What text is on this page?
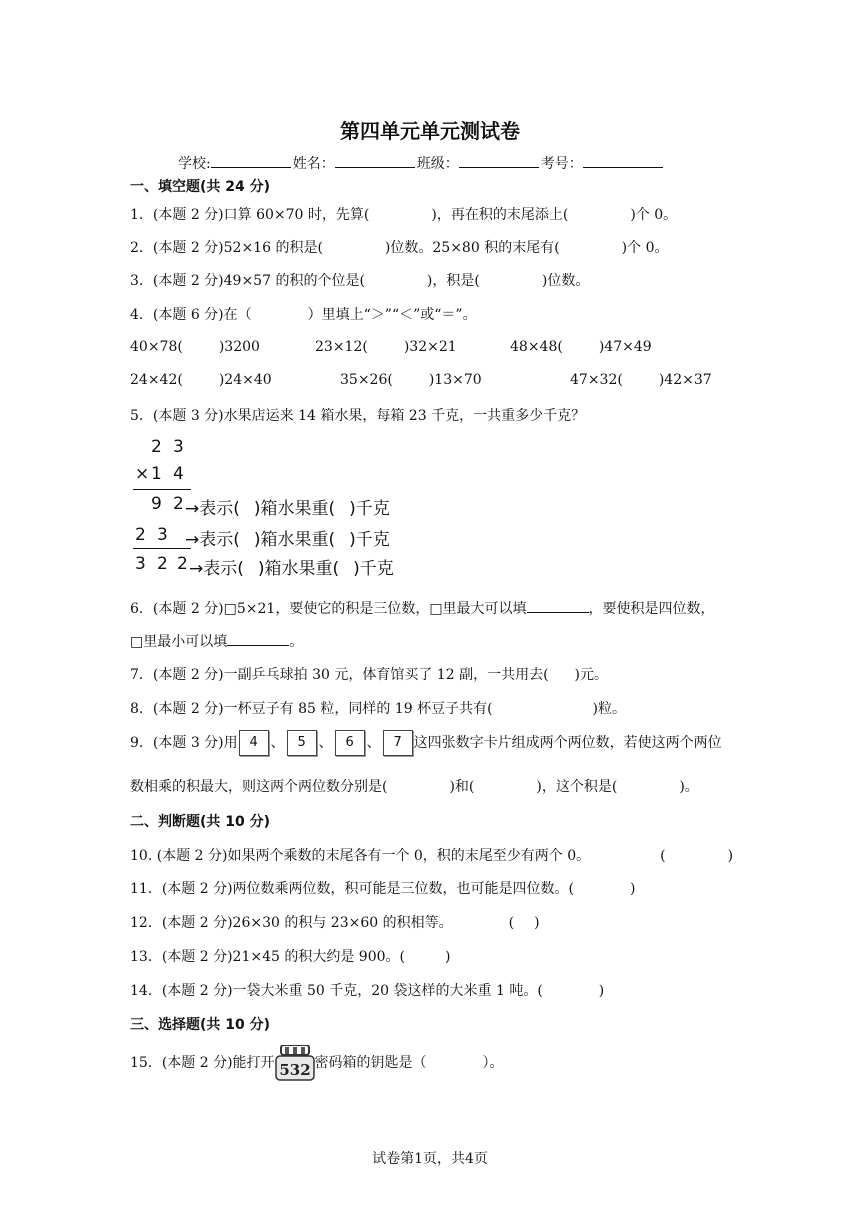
第四单元单元测试卷
学校:	姓名：	班级：	考号：
一、填空题(共 24 分)
1．(本题 2 分)口算 60×70 时，先算(	)，再在积的末尾添上(	)个 0。
2．(本题 2 分)52×16 的积是(	)位数。25×80 积的末尾有(	)个 0。
3．(本题 2 分)49×57 的积的个位是(	)，积是(	)位数。
4．(本题 6 分)在（　　　　）里填上“＞”“＜”或“＝”。
40×78(	)3200	23×12(	)32×21	48×48(	)47×49
24×42(	)24×40	35×26(	)13×70	47×32(	)42×37
5．(本题 3 分)水果店运来 14 箱水果，每箱 23 千克，一共重多少千克？
2 3
× 1 4
9 2 →表示( )箱水果重( )千克
2 3 →表示( )箱水果重( )千克
3 2 2 →表示( )箱水果重( )千克
6．(本题 2 分)□5×21，要使它的积是三位数，□里最大可以填	，要使积是四位数，
□里最小可以填	。
7．(本题 2 分)一副乒乓球拍 30 元，体育馆买了 12 副，一共用去( )元。
8．(本题 2 分)一杯豆子有 85 粒，同样的 19 杯豆子共有(	)粒。
9．(本题 3 分)用 4 、 5 、 6 、 7 这四张数字卡片组成两个两位数，若使这两个两位
数相乘的积最大，则这两个两位数分别是(	)和(	)，这个积是(	)。
二、判断题(共 10 分)
10. (本题 2 分)如果两个乘数的末尾各有一个 0，积的末尾至少有两个 0。	(	)
11．(本题 2 分)两位数乘两位数，积可能是三位数，也可能是四位数。(	)
12．(本题 2 分)26×30 的积与 23×60 的积相等。	( )
13．(本题 2 分)21×45 的积大约是 900。(	)
14．(本题 2 分)一袋大米重 50 千克，20 袋这样的大米重 1 吨。(	)
三、选择题(共 10 分)
15．(本题 2 分)能打开 532 密码箱的钥匙是（	）。
试卷第1页，共4页
